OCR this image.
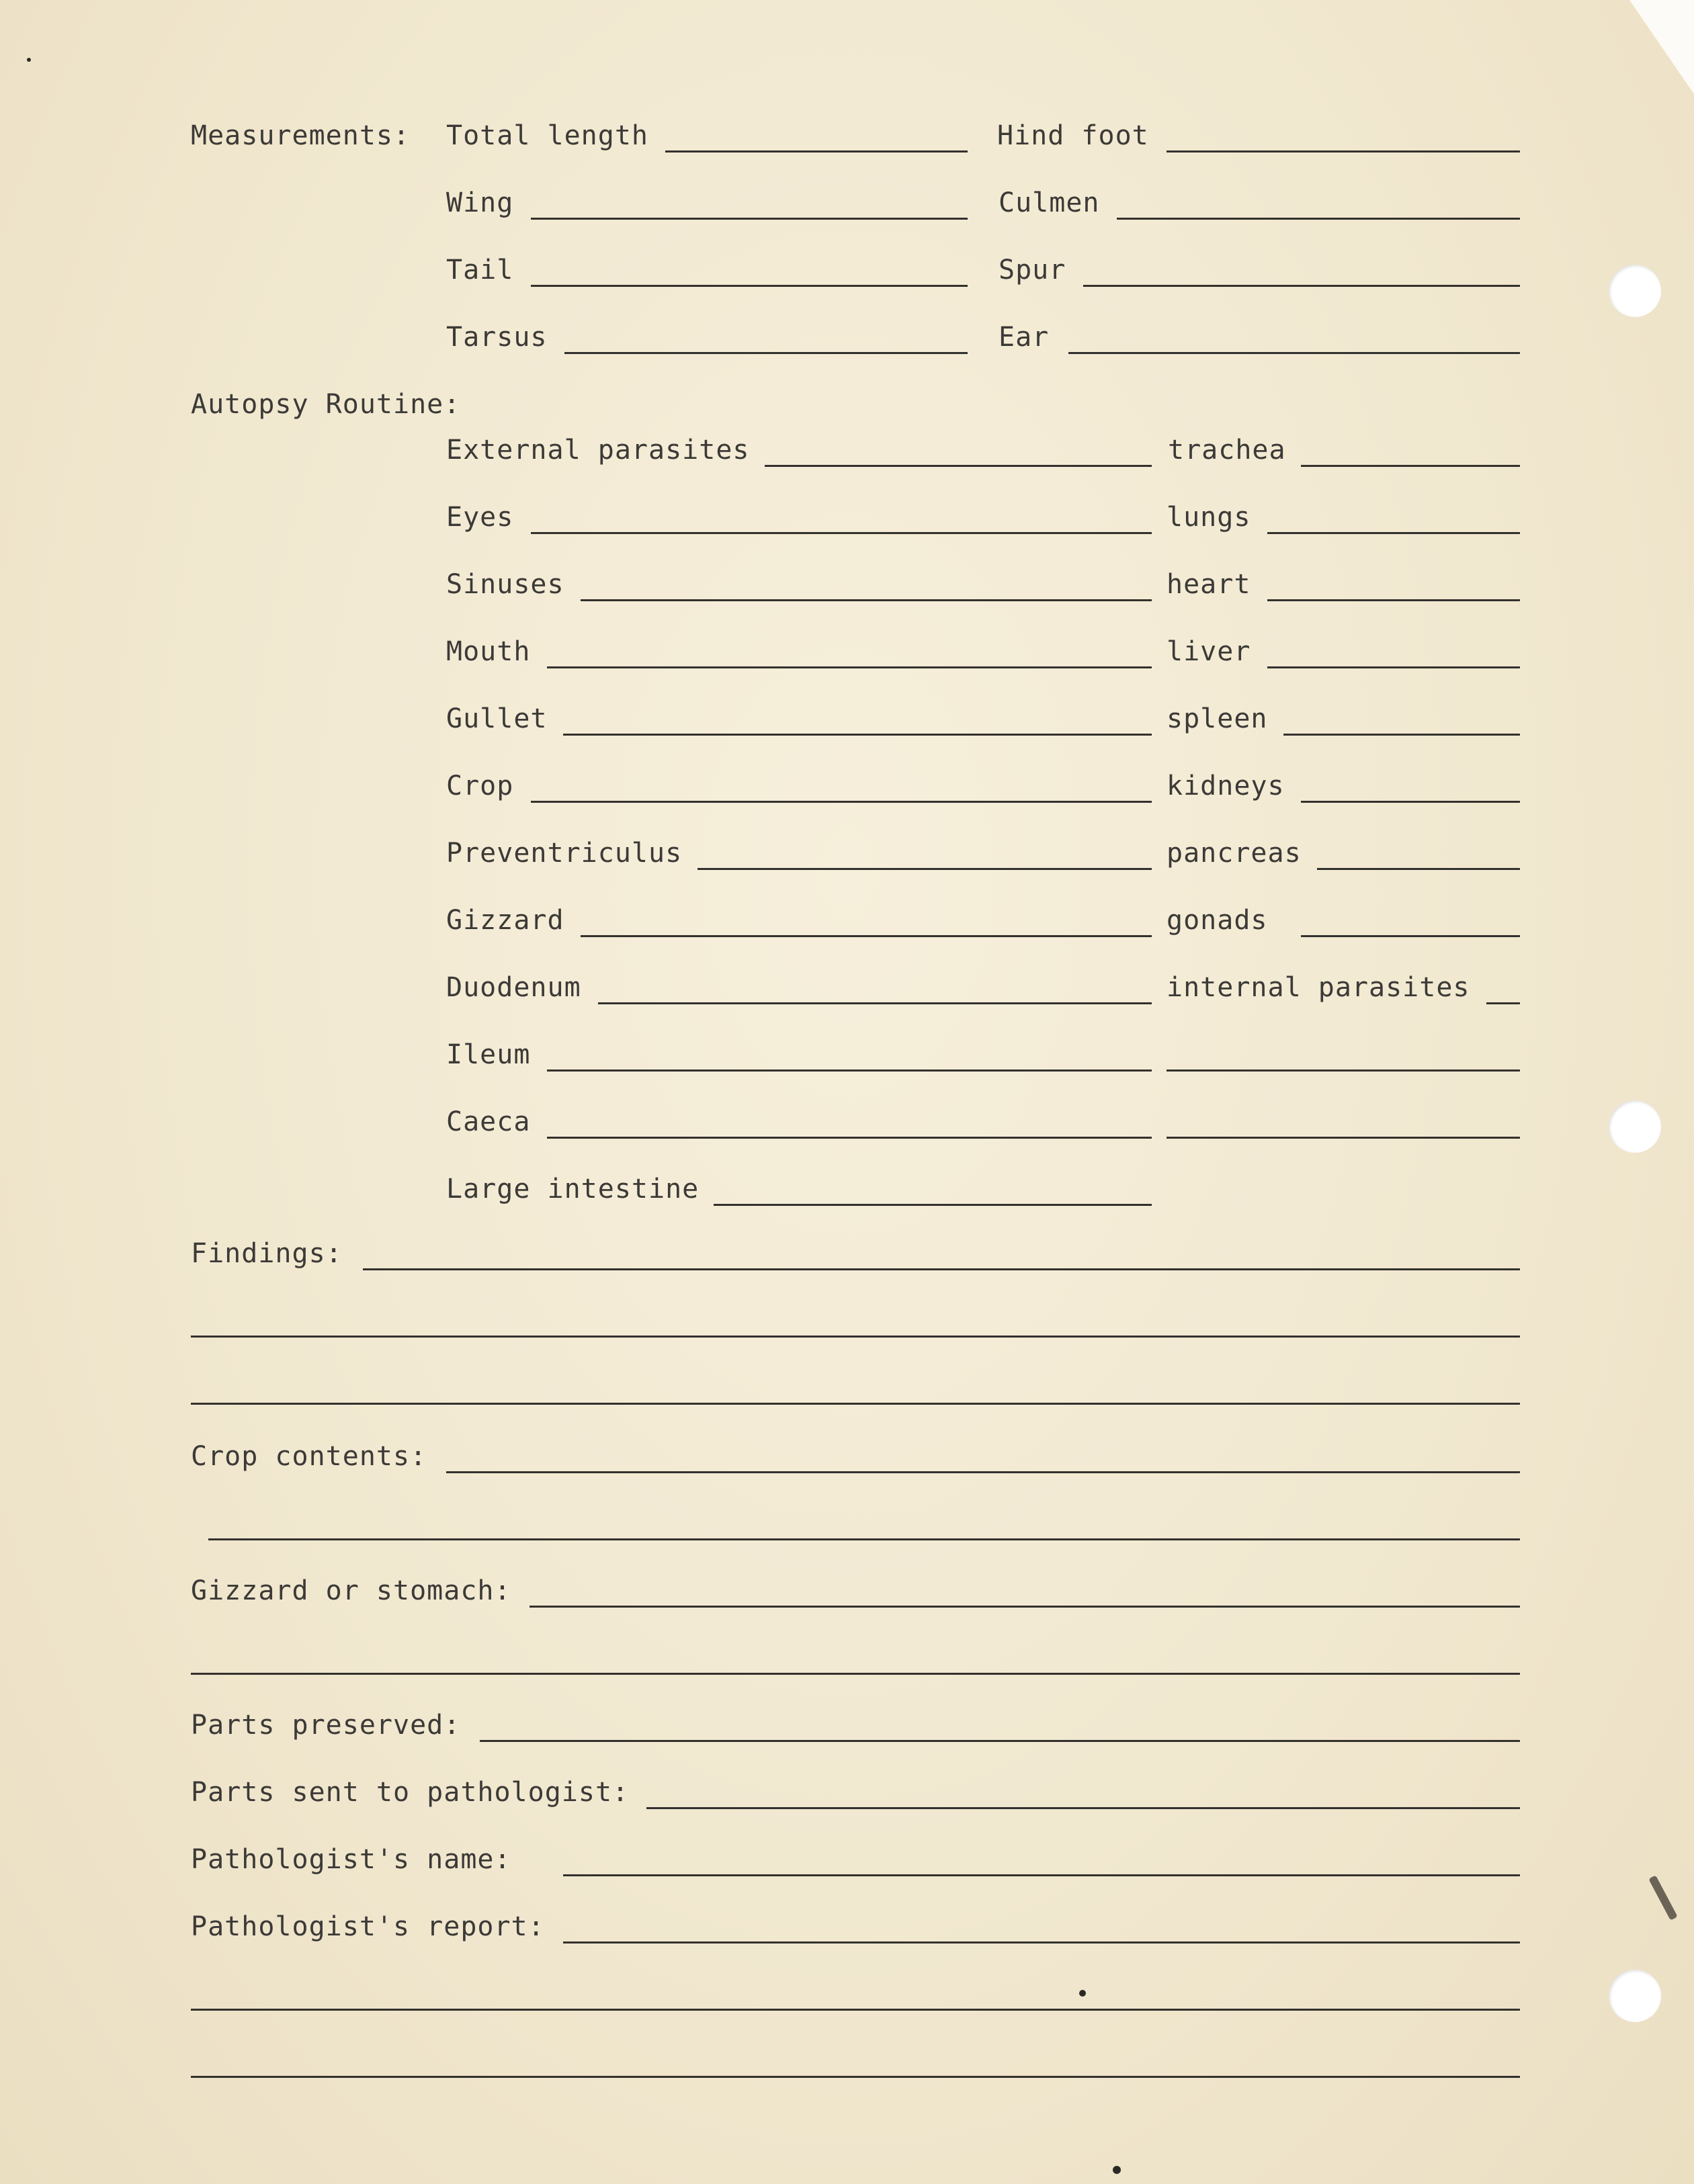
Measurements: Total length	Hind foot
Wing	Culmen
Tail	Spur
Tarsus	Ear
Autopsy Routine:
External parasites	trachea
Eyes	lungs
Sinuses	heart
Mouth	liver
Gullet	spleen
Crop	kidneys
Preventriculus	pancreas
Gizzard	gonads
Duodenum	internal parasites
Ileum
Caeca
Large intestine
Findings:
Crop contents:
Gizzard or stomach:
Parts preserved:
Parts sent to pathologist:
Pathologist's name:
Pathologist's report:
